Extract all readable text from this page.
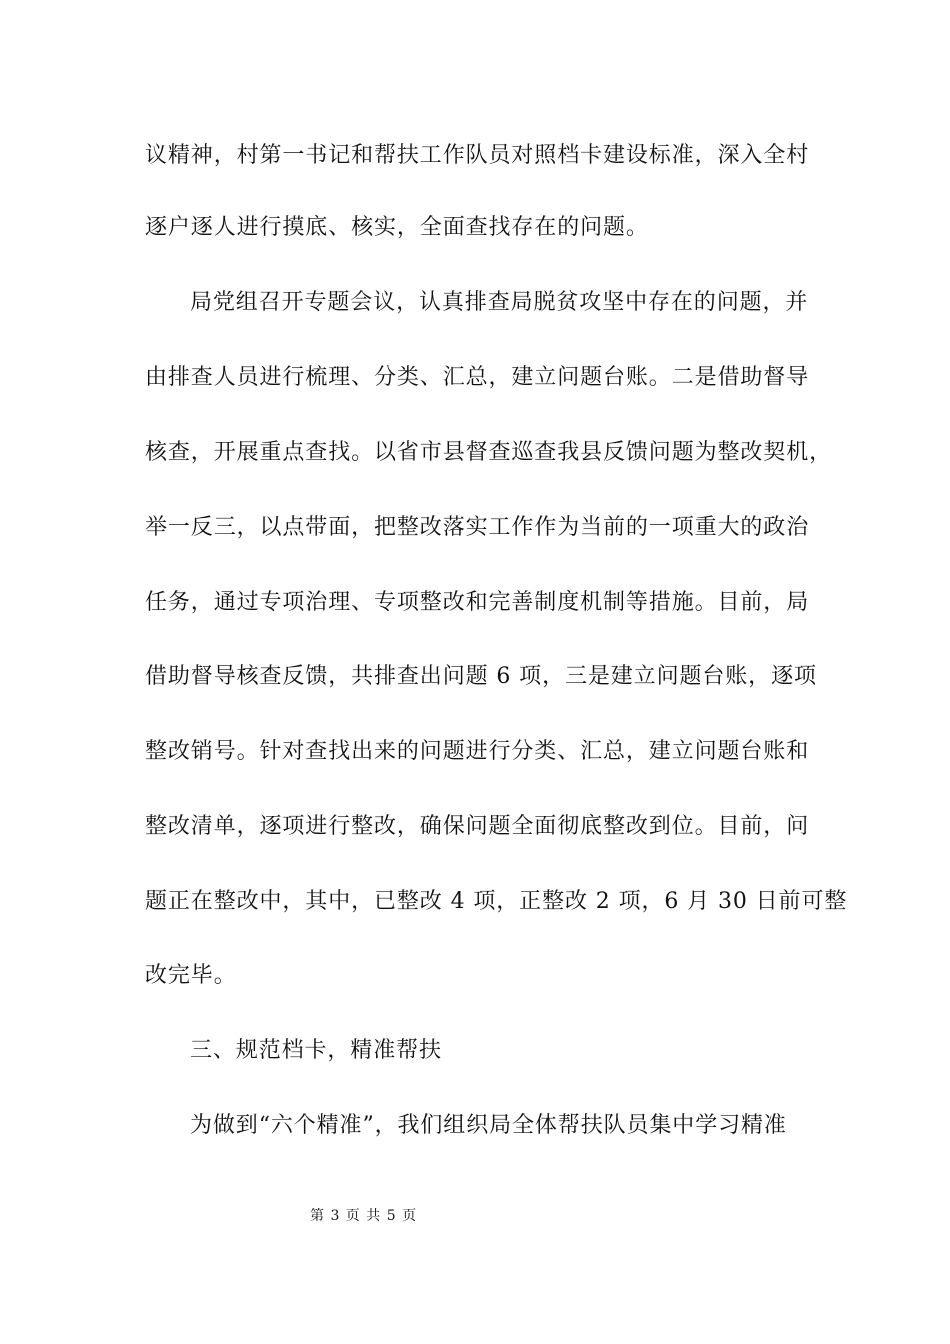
议精神，村第一书记和帮扶工作队员对照档卡建设标准，深入全村
逐户逐人进行摸底、核实，全面查找存在的问题。
局党组召开专题会议，认真排查局脱贫攻坚中存在的问题，并
由排查人员进行梳理、分类、汇总，建立问题台账。二是借助督导
核查，开展重点查找。以省市县督查巡查我县反馈问题为整改契机，
举一反三，以点带面，把整改落实工作作为当前的一项重大的政治
任务，通过专项治理、专项整改和完善制度机制等措施。目前，局
借助督导核查反馈，共排查出问题 6 项，三是建立问题台账，逐项
整改销号。针对查找出来的问题进行分类、汇总，建立问题台账和
整改清单，逐项进行整改，确保问题全面彻底整改到位。目前，问
题正在整改中，其中，已整改 4 项，正整改 2 项，6 月 30 日前可整
改完毕。
三、规范档卡，精准帮扶
为做到“六个精准”，我们组织局全体帮扶队员集中学习精准
第 3 页 共 5 页
